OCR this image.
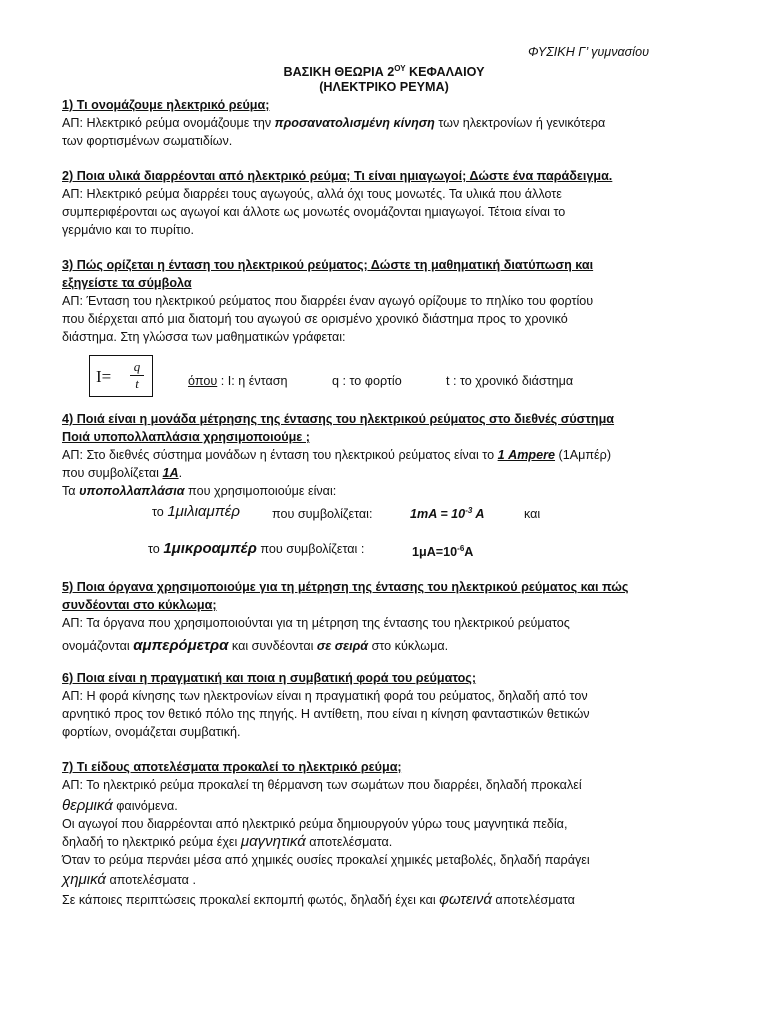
ΦΥΣΙΚΗ Γ’ γυμνασίου
ΒΑΣΙΚΗ ΘΕΩΡΙΑ $2^{O\Upsilon}$ ΚΕΦΑΛΑΙΟΥ
(ΗΛΕΚΤΡΙΚΟ ΡΕΥΜΑ)
1) Τι ονομάζουμε ηλεκτρικό ρεύμα;
ΑΠ: Ηλεκτρικό ρεύμα ονομάζουμε την προσανατολισμένη κίνηση των ηλεκτρονίων ή γενικότερα
των φορτισμένων σωματιδίων.
2) Ποια υλικά διαρρέονται από ηλεκτρικό ρεύμα; Τι είναι ημιαγωγοί; Δώστε ένα παράδειγμα.
ΑΠ: Ηλεκτρικό ρεύμα διαρρέει τους αγωγούς, αλλά όχι τους μονωτές. Τα υλικά που άλλοτε
συμπεριφέρονται ως αγωγοί και άλλοτε ως μονωτές ονομάζονται ημιαγωγοί. Τέτοια είναι το
γερμάνιο και το πυρίτιο.
3) Πώς ορίζεται η ένταση του ηλεκτρικού ρεύματος; Δώστε τη μαθηματική διατύπωση και
εξηγείστε τα σύμβολα
ΑΠ: Ένταση του ηλεκτρικού ρεύματος που διαρρέει έναν αγωγό ορίζουμε το πηλίκο του φορτίου
που διέρχεται από μια διατομή του αγωγού σε ορισμένο χρονικό διάστημα προς το χρονικό
διάστημα. Στη γλώσσα των μαθηματικών γράφεται:
I=
q
t	όπου : Ι: η ένταση	q : το φορτίο	t : το χρονικό διάστημα
4) Ποιά είναι η μονάδα μέτρησης της έντασης του ηλεκτρικού ρεύματος στο διεθνές σύστημα
Ποιά υποπολλαπλάσια χρησιμοποιούμε ;
ΑΠ: Στο διεθνές σύστημα μονάδων η ένταση του ηλεκτρικού ρεύματος είναι το 1 Ampere (1Αμπέρ)
που συμβολίζεται 1A.
Τα υποπολλαπλάσια που χρησιμοποιούμε είναι:
το 1μιλιαμπέρ	που συμβολίζεται:	$1mA = 10^{-3}$ A	και
το 1μικροαμπέρ που συμβολίζεται :	$1\mu A=10^{-6}A$
5) Ποια όργανα χρησιμοποιούμε για τη μέτρηση της έντασης του ηλεκτρικού ρεύματος και πώς
συνδέονται στο κύκλωμα;
ΑΠ: Τα όργανα που χρησιμοποιούνται για τη μέτρηση της έντασης του ηλεκτρικού ρεύματος
ονομάζονται αμπερόμετρα και συνδέονται σε σειρά στο κύκλωμα.
6) Ποια είναι η πραγματική και ποια η συμβατική φορά του ρεύματος;
ΑΠ: Η φορά κίνησης των ηλεκτρονίων είναι η πραγματική φορά του ρεύματος, δηλαδή από τον
αρνητικό προς τον θετικό πόλο της πηγής. Η αντίθετη, που είναι η κίνηση φανταστικών θετικών
φορτίων, ονομάζεται συμβατική.
7) Τι είδους αποτελέσματα προκαλεί το ηλεκτρικό ρεύμα;
ΑΠ: Το ηλεκτρικό ρεύμα προκαλεί τη θέρμανση των σωμάτων που διαρρέει, δηλαδή προκαλεί
θερμικά φαινόμενα.
Οι αγωγοί που διαρρέονται από ηλεκτρικό ρεύμα δημιουργούν γύρω τους μαγνητικά πεδία,
δηλαδή το ηλεκτρικό ρεύμα έχει μαγνητικά αποτελέσματα.
Όταν το ρεύμα περνάει μέσα από χημικές ουσίες προκαλεί χημικές μεταβολές, δηλαδή παράγει
χημικά αποτελέσματα .
Σε κάποιες περιπτώσεις προκαλεί εκπομπή φωτός, δηλαδή έχει και φωτεινά αποτελέσματα
